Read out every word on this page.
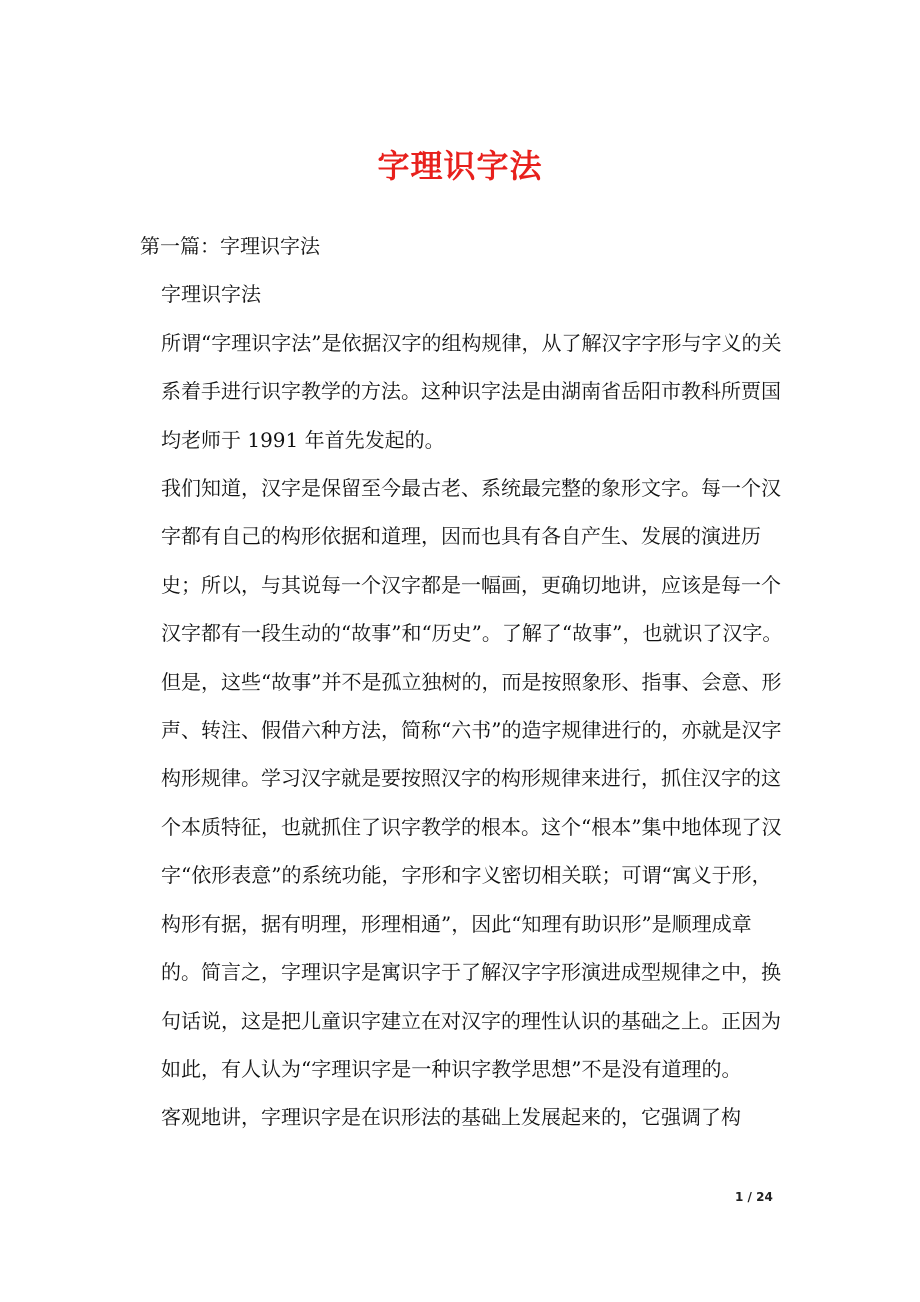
字理识字法

第一篇：字理识字法

字理识字法

所谓“字理识字法”是依据汉字的组构规律，从了解汉字字形与字义的关系着手进行识字教学的方法。这种识字法是由湖南省岳阳市教科所贾国均老师于 1991 年首先发起的。

我们知道，汉字是保留至今最古老、系统最完整的象形文字。每一个汉字都有自己的构形依据和道理，因而也具有各自产生、发展的演进历史；所以，与其说每一个汉字都是一幅画，更确切地讲，应该是每一个汉字都有一段生动的“故事”和“历史”。了解了“故事”，也就识了汉字。但是，这些“故事”并不是孤立独树的，而是按照象形、指事、会意、形声、转注、假借六种方法，简称“六书”的造字规律进行的，亦就是汉字构形规律。学习汉字就是要按照汉字的构形规律来进行，抓住汉字的这个本质特征，也就抓住了识字教学的根本。这个“根本”集中地体现了汉字“依形表意”的系统功能，字形和字义密切相关联；可谓“寓义于形，构形有据，据有明理，形理相通”，因此“知理有助识形”是顺理成章的。简言之，字理识字是寓识字于了解汉字字形演进成型规律之中，换句话说，这是把儿童识字建立在对汉字的理性认识的基础之上。正因为如此，有人认为“字理识字是一种识字教学思想”不是没有道理的。

客观地讲，字理识字是在识形法的基础上发展起来的，它强调了构

1 / 24
